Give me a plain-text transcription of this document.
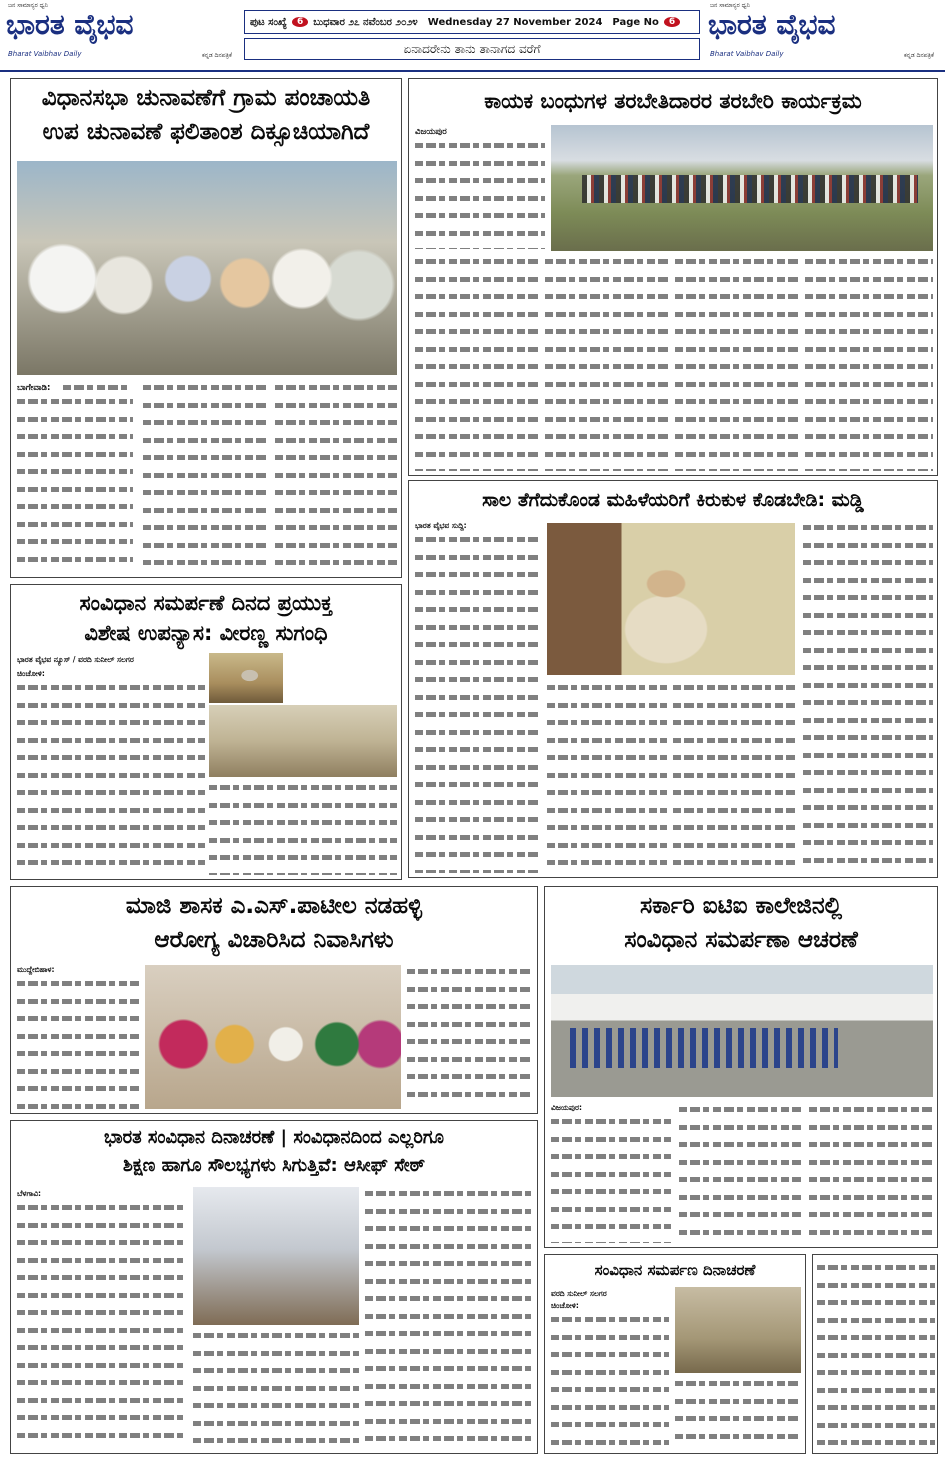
ಜನ ಸಾಮಾನ್ಯರ ಧ್ವನಿ
ಭಾರತ ವೈಭವ
Bharat Vaibhav Daily	ಕನ್ನಡ ದಿನಪತ್ರಿಕೆ
ಪುಟ ಸಂಖ್ಯೆ	6	ಬುಧವಾರ ೨೭ ನವೆಂಬರ ೨೦೨೪	Wednesday 27 November 2024	Page No	6
ಏನಾದರೇನು ತಾನು ತಾನಾಗದ ವರೆಗೆ
ಜನ ಸಾಮಾನ್ಯರ ಧ್ವನಿ
ಭಾರತ ವೈಭವ
Bharat Vaibhav Daily	ಕನ್ನಡ ದಿನಪತ್ರಿಕೆ
ವಿಧಾನಸಭಾ ಚುನಾವಣೆಗೆ ಗ್ರಾಮ ಪಂಚಾಯತಿ
ಉಪ ಚುನಾವಣೆ ಫಲಿತಾಂಶ ದಿಕ್ಸೂಚಿಯಾಗಿದೆ
ಬಾಗೇವಾಡಿ:
ಕಾಯಕ ಬಂಧುಗಳ ತರಬೇತಿದಾರರ ತರಬೇರಿ ಕಾರ್ಯಕ್ರಮ
ವಿಜಯಪುರ
ಸಂವಿಧಾನ ಸಮರ್ಪಣೆ ದಿನದ ಪ್ರಯುಕ್ತ
ವಿಶೇಷ ಉಪನ್ಯಾಸ: ವೀರಣ್ಣ ಸುಗಂಧಿ
ಭಾರತ ವೈಭವ ನ್ಯೂಸ್ / ವರದಿ ಸುನೀಲ್ ಸಲಗರ
ಚಿಂಚೋಳಿ:
ಸಾಲ ತೆಗೆದುಕೊಂಡ ಮಹಿಳೆಯರಿಗೆ ಕಿರುಕುಳ ಕೊಡಬೇಡಿ: ಮಡ್ಡಿ
ಭಾರತ ವೈಭವ ಸುದ್ದಿ:
ಮಾಜಿ ಶಾಸಕ ಎ.ಎಸ್.ಪಾಟೀಲ ನಡಹಳ್ಳಿ
ಆರೋಗ್ಯ ವಿಚಾರಿಸಿದ ನಿವಾಸಿಗಳು
ಮುದ್ದೇಬಿಹಾಳ:
ಸರ್ಕಾರಿ ಐಟಿಐ ಕಾಲೇಜಿನಲ್ಲಿ
ಸಂವಿಧಾನ ಸಮರ್ಪಣಾ ಆಚರಣೆ
ವಿಜಯಪುರ:
ಭಾರತ ಸಂವಿಧಾನ ದಿನಾಚರಣೆ | ಸಂವಿಧಾನದಿಂದ ಎಲ್ಲರಿಗೂ
ಶಿಕ್ಷಣ ಹಾಗೂ ಸೌಲಭ್ಯಗಳು ಸಿಗುತ್ತಿವೆ: ಆಸೀಫ್ ಸೇಠ್
ಬೆಳಗಾವಿ:
ಸಂವಿಧಾನ ಸಮರ್ಪಣ ದಿನಾಚರಣೆ
ವರದಿ ಸುನೀಲ್ ಸಲಗರ
ಚಿಂಚೋಳಿ:
